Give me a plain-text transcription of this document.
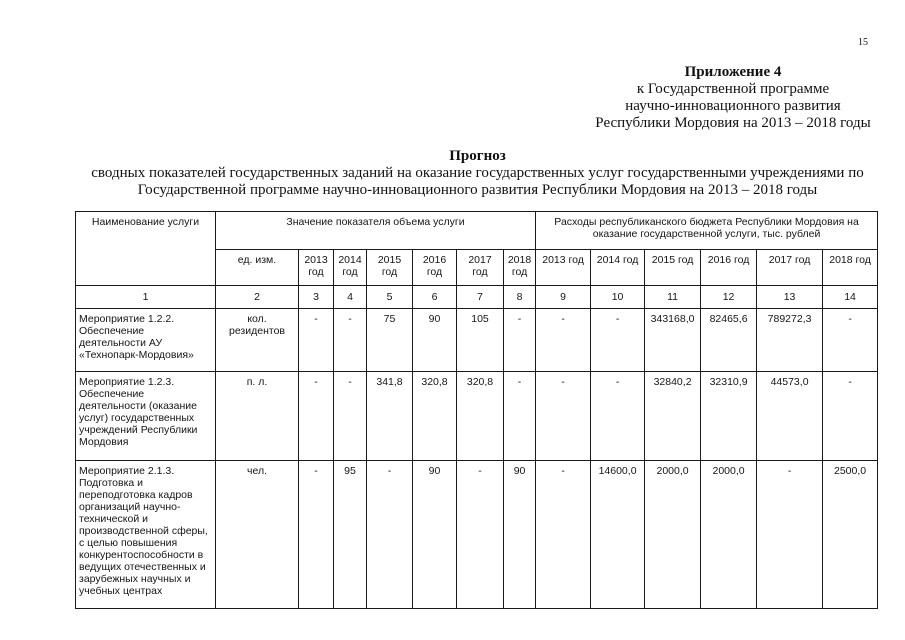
15
Приложение 4
к Государственной программе
научно-инновационного развития
Республики Мордовия на 2013 – 2018 годы
Прогноз
сводных показателей государственных заданий на оказание государственных услуг государственными учреждениями по
Государственной программе научно-инновационного развития Республики Мордовия на 2013 – 2018 годы
Наименование услуги	Значение показателя объема услуги							Расходы республиканского бюджета Республики Мордовия на оказание государственной услуги, тыс. рублей					
	ед. изм.	2013 год	2014 год	2015 год	2016 год	2017 год	2018 год	2013 год	2014 год	2015 год	2016 год	2017 год	2018 год
1	2	3	4	5	6	7	8	9	10	11	12	13	14
Мероприятие 1.2.2. Обеспечение деятельности АУ «Технопарк-Мордовия»	кол. резидентов	-	-	75	90	105	-	-	-	343168,0	82465,6	789272,3	-
Мероприятие 1.2.3. Обеспечение деятельности (оказание услуг) государственных учреждений Республики Мордовия	п. л.	-	-	341,8	320,8	320,8	-	-	-	32840,2	32310,9	44573,0	-
Мероприятие 2.1.3. Подготовка и переподготовка кадров организаций научно-технической и производственной сферы, с целью повышения конкурентоспособности в ведущих отечественных и зарубежных научных и учебных центрах	чел.	-	95	-	90	-	90	-	14600,0	2000,0	2000,0	-	2500,0
